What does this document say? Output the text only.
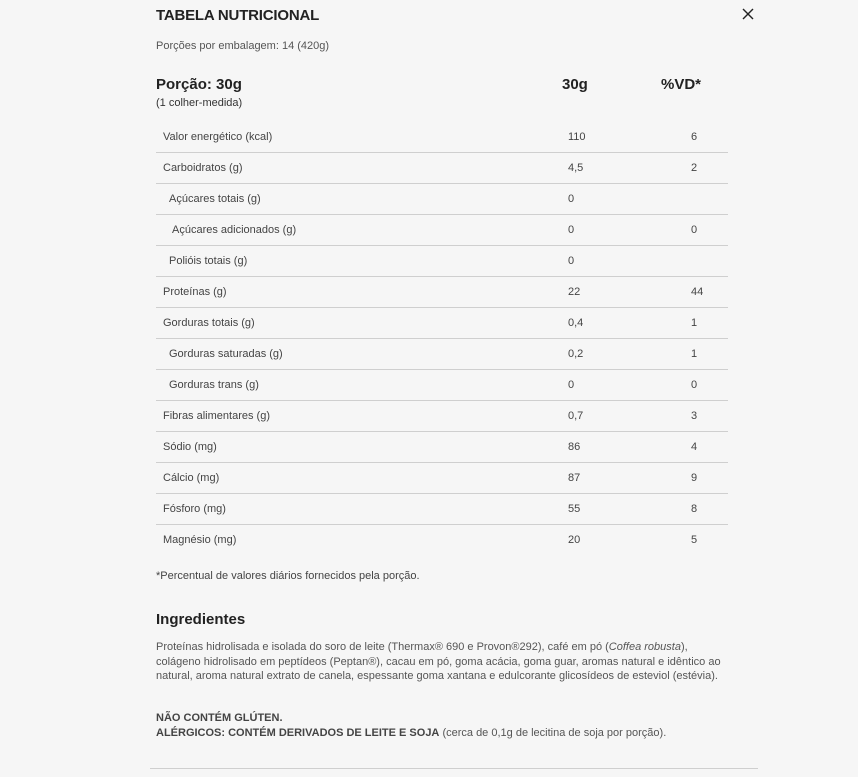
TABELA NUTRICIONAL
Porções por embalagem: 14 (420g)
Porção: 30g
(1 colher-medida)
30g	%VD*
Valor energético (kcal)	110	6
Carboidratos (g)	4,5	2
Açúcares totais (g)	0
Açúcares adicionados (g)	0	0
Polióis totais (g)	0
Proteínas (g)	22	44
Gorduras totais (g)	0,4	1
Gorduras saturadas (g)	0,2	1
Gorduras trans (g)	0	0
Fibras alimentares (g)	0,7	3
Sódio (mg)	86	4
Cálcio (mg)	87	9
Fósforo (mg)	55	8
Magnésio (mg)	20	5
*Percentual de valores diários fornecidos pela porção.
Ingredientes
Proteínas hidrolisada e isolada do soro de leite (Thermax® 690 e Provon®292), café em pó (Coffea robusta), colágeno hidrolisado em peptídeos (Peptan®), cacau em pó, goma acácia, goma guar, aromas natural e idêntico ao natural, aroma natural extrato de canela, espessante goma xantana e edulcorante glicosídeos de esteviol (estévia).
NÃO CONTÉM GLÚTEN.
ALÉRGICOS: CONTÉM DERIVADOS DE LEITE E SOJA (cerca de 0,1g de lecitina de soja por porção).
